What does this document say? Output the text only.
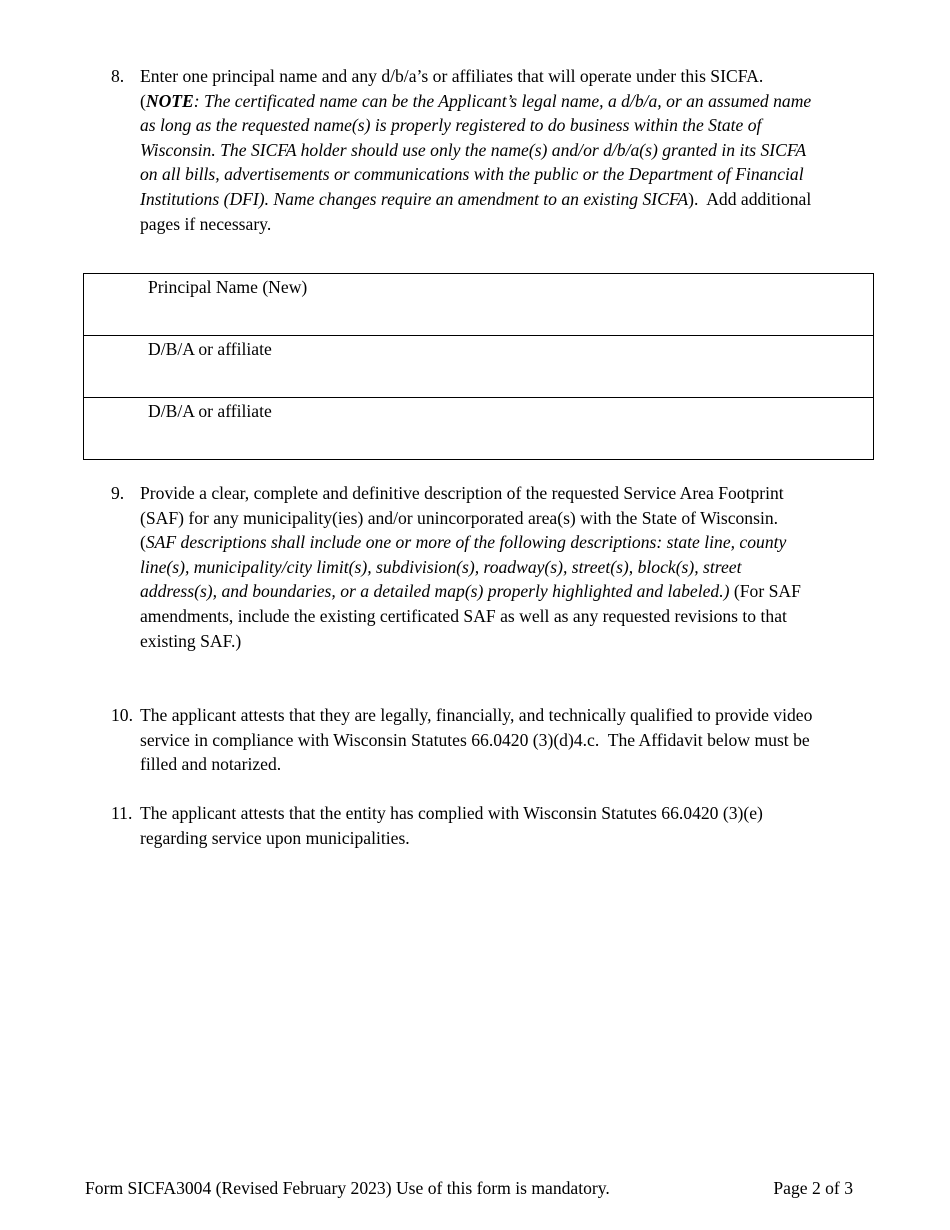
8. Enter one principal name and any d/b/a’s or affiliates that will operate under this SICFA.
(NOTE: The certificated name can be the Applicant’s legal name, a d/b/a, or an assumed name
as long as the requested name(s) is properly registered to do business within the State of
Wisconsin. The SICFA holder should use only the name(s) and/or d/b/a(s) granted in its SICFA
on all bills, advertisements or communications with the public or the Department of Financial
Institutions (DFI). Name changes require an amendment to an existing SICFA).  Add additional
pages if necessary.
Principal Name (New)

D/B/A or affiliate

D/B/A or affiliate
9. Provide a clear, complete and definitive description of the requested Service Area Footprint
(SAF) for any municipality(ies) and/or unincorporated area(s) with the State of Wisconsin.
(SAF descriptions shall include one or more of the following descriptions: state line, county
line(s), municipality/city limit(s), subdivision(s), roadway(s), street(s), block(s), street
address(s), and boundaries, or a detailed map(s) properly highlighted and labeled.) (For SAF
amendments, include the existing certificated SAF as well as any requested revisions to that
existing SAF.)
10. The applicant attests that they are legally, financially, and technically qualified to provide video
service in compliance with Wisconsin Statutes 66.0420 (3)(d)4.c.  The Affidavit below must be
filled and notarized.
11. The applicant attests that the entity has complied with Wisconsin Statutes 66.0420 (3)(e)
regarding service upon municipalities.
Form SICFA3004 (Revised February 2023) Use of this form is mandatory.	Page 2 of 3
